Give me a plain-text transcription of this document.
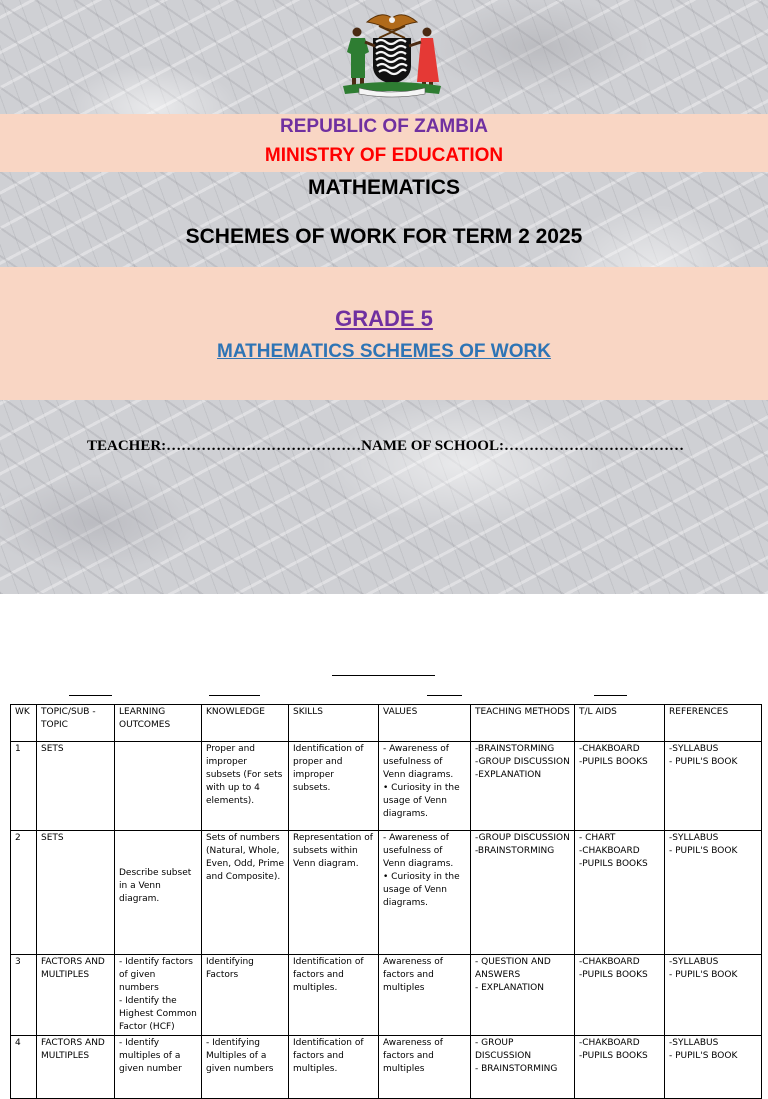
REPUBLIC OF ZAMBIA
MINISTRY OF EDUCATION
MATHEMATICS
SCHEMES OF WORK FOR TERM 2 2025
GRADE 5
MATHEMATICS SCHEMES OF WORK
TEACHER:…………………………………NAME OF SCHOOL:………………………………
WK	TOPIC/SUB - TOPIC	LEARNING OUTCOMES	KNOWLEDGE	SKILLS	VALUES	TEACHING METHODS	T/L AIDS	REFERENCES
1	SETS		Proper and improper subsets (For sets with up to 4 elements).	Identification of proper and improper subsets.	- Awareness of usefulness of Venn diagrams.
• Curiosity in the usage of Venn diagrams.	-BRAINSTORMING
-GROUP DISCUSSION
-EXPLANATION	-CHAKBOARD
-PUPILS BOOKS	-SYLLABUS
- PUPIL'S BOOK
2	SETS	Describe subset in a Venn diagram.	Sets of numbers (Natural, Whole, Even, Odd, Prime and Composite).	Representation of subsets within Venn diagram.	- Awareness of usefulness of Venn diagrams.
• Curiosity in the usage of Venn diagrams.	-GROUP DISCUSSION
-BRAINSTORMING	- CHART
-CHAKBOARD
-PUPILS BOOKS	-SYLLABUS
- PUPIL'S BOOK
3	FACTORS AND MULTIPLES	- Identify factors of given numbers
- Identify the Highest Common Factor (HCF)	Identifying Factors	Identification of factors and multiples.	Awareness of factors and multiples	- QUESTION AND ANSWERS
- EXPLANATION	-CHAKBOARD
-PUPILS BOOKS	-SYLLABUS
- PUPIL'S BOOK
4	FACTORS AND MULTIPLES	- Identify multiples of a given number	- Identifying Multiples of a given numbers	Identification of factors and multiples.	Awareness of factors and multiples	- GROUP DISCUSSION
- BRAINSTORMING	-CHAKBOARD
-PUPILS BOOKS	-SYLLABUS
- PUPIL'S BOOK
